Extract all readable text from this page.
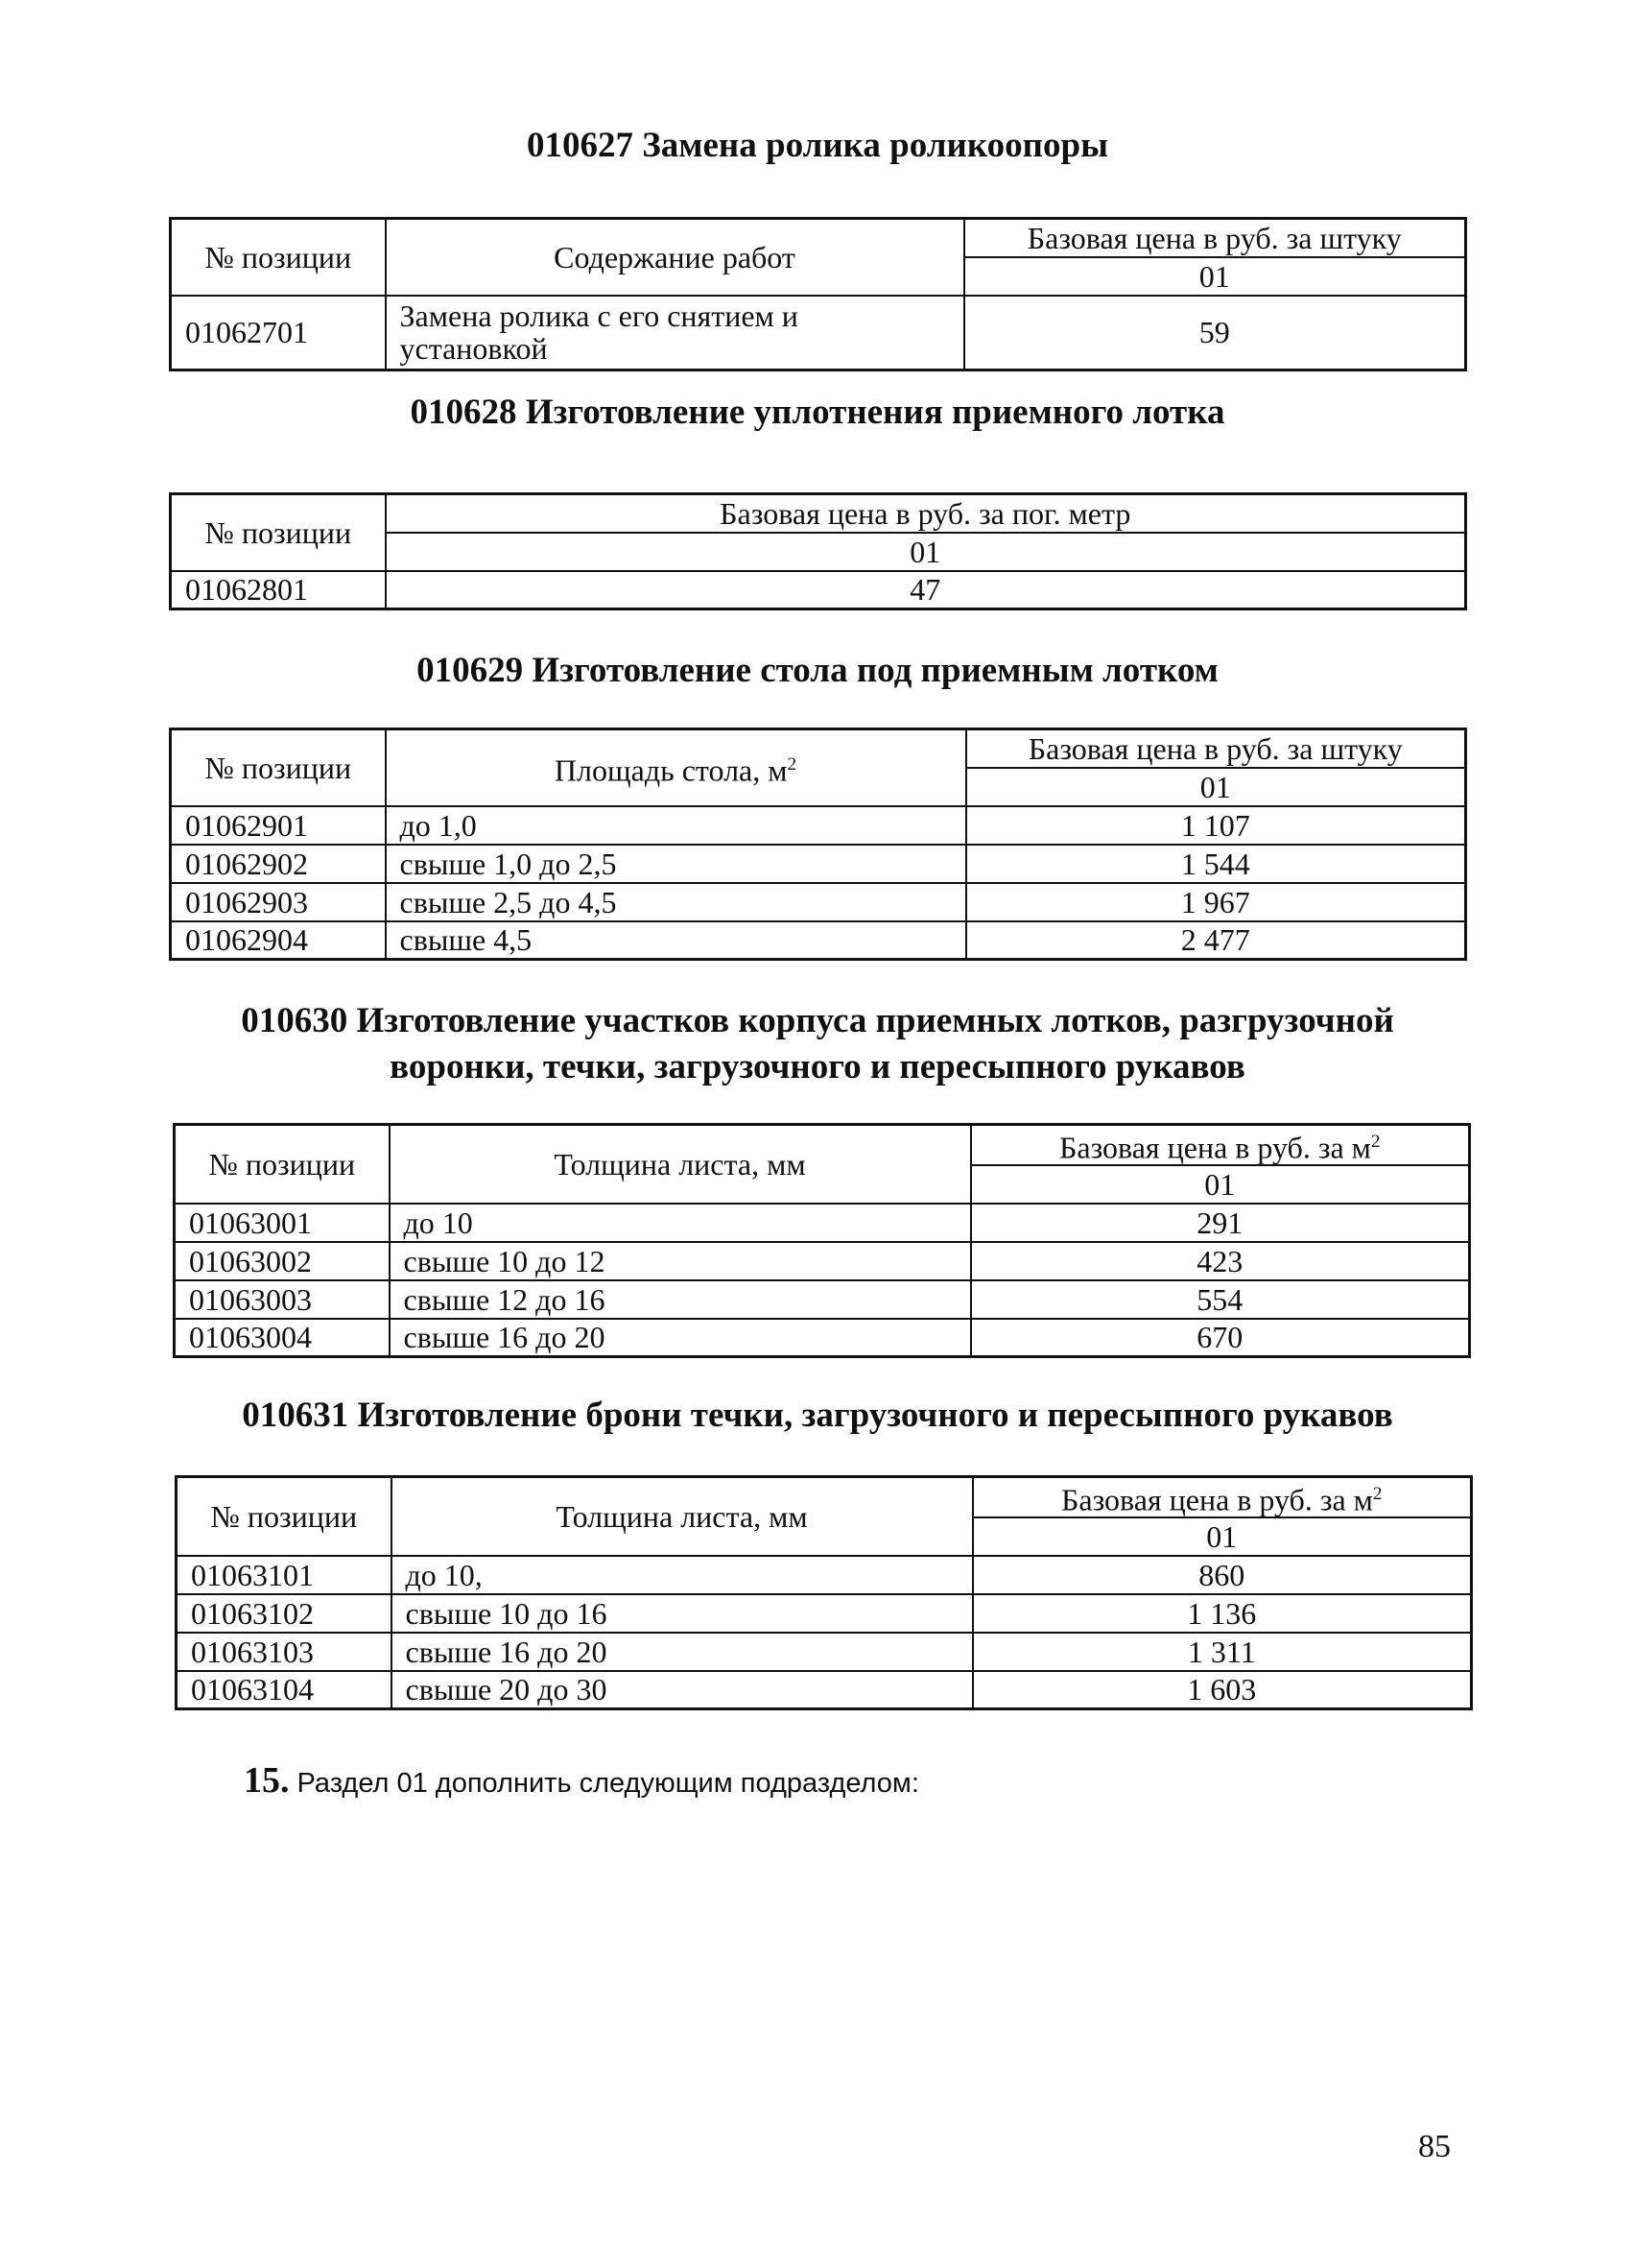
010627 Замена ролика роликоопоры
№ позиции	Содержание работ	Базовая цена в руб. за штуку
		01
01062701	Замена ролика с его снятием и установкой	59
010628 Изготовление уплотнения приемного лотка
№ позиции	Базовая цена в руб. за пог. метр
	01
01062801	47
010629 Изготовление стола под приемным лотком
№ позиции	Площадь стола, $м^2$	Базовая цена в руб. за штуку
		01
01062901	до 1,0	1 107
01062902	свыше 1,0 до 2,5	1 544
01062903	свыше 2,5 до 4,5	1 967
01062904	свыше 4,5	2 477
010630 Изготовление участков корпуса приемных лотков, разгрузочной
воронки, течки, загрузочного и пересыпного рукавов
№ позиции	Толщина листа, мм	Базовая цена в руб. за $м^2$
		01
01063001	до 10	291
01063002	свыше 10 до 12	423
01063003	свыше 12 до 16	554
01063004	свыше 16 до 20	670
010631 Изготовление брони течки, загрузочного и пересыпного рукавов
№ позиции	Толщина листа, мм	Базовая цена в руб. за $м^2$
		01
01063101	до 10,	860
01063102	свыше 10 до 16	1 136
01063103	свыше 16 до 20	1 311
01063104	свыше 20 до 30	1 603
15. Раздел 01 дополнить следующим подразделом:
85
